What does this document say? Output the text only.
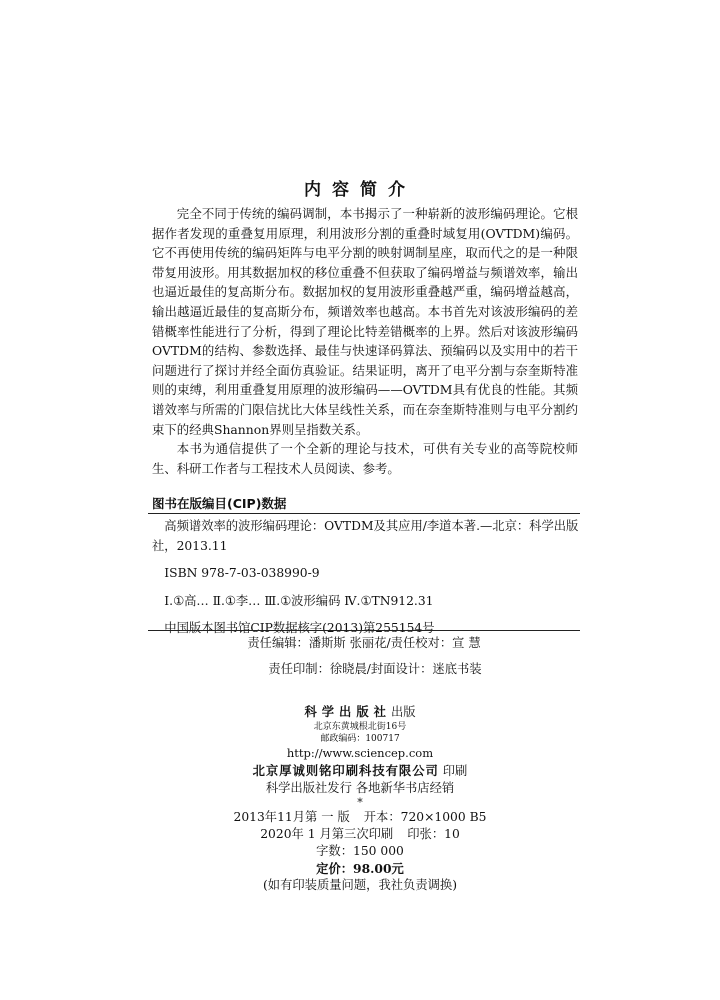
内容简介

完全不同于传统的编码调制，本书揭示了一种崭新的波形编码理论。它根据作者发现的重叠复用原理，利用波形分割的重叠时域复用(OVTDM)编码。它不再使用传统的编码矩阵与电平分割的映射调制星座，取而代之的是一种限带复用波形。用其数据加权的移位重叠不但获取了编码增益与频谱效率，输出也逼近最佳的复高斯分布。数据加权的复用波形重叠越严重，编码增益越高，输出越逼近最佳的复高斯分布，频谱效率也越高。本书首先对该波形编码的差错概率性能进行了分析，得到了理论比特差错概率的上界。然后对该波形编码OVTDM的结构、参数选择、最佳与快速译码算法、预编码以及实用中的若干问题进行了探讨并经全面仿真验证。结果证明，离开了电平分割与奈奎斯特准则的束缚，利用重叠复用原理的波形编码——OVTDM具有优良的性能。其频谱效率与所需的门限信扰比大体呈线性关系，而在奈奎斯特准则与电平分割约束下的经典Shannon界则呈指数关系。

本书为通信提供了一个全新的理论与技术，可供有关专业的高等院校师生、科研工作者与工程技术人员阅读、参考。

图书在版编目(CIP)数据

高频谱效率的波形编码理论：OVTDM及其应用/李道本著.—北京：科学出版社，2013.11

ISBN 978-7-03-038990-9

Ⅰ.①高… Ⅱ.①李… Ⅲ.①波形编码 Ⅳ.①TN912.31

中国版本图书馆CIP数据核字(2013)第255154号

责任编辑：潘斯斯 张丽花/责任校对：宣 慧

责任印制：徐晓晨/封面设计：迷底书装

科学出版社出版

北京东黄城根北街16号

邮政编码：100717

http://www.sciencep.com

北京厚诚则铭印刷科技有限公司 印刷

科学出版社发行 各地新华书店经销

*

2013年11月第 一 版 开本：720×1000 B5

2020年 1 月第三次印刷 印张：10

字数：150 000

定价：98.00元

(如有印装质量问题，我社负责调换)
